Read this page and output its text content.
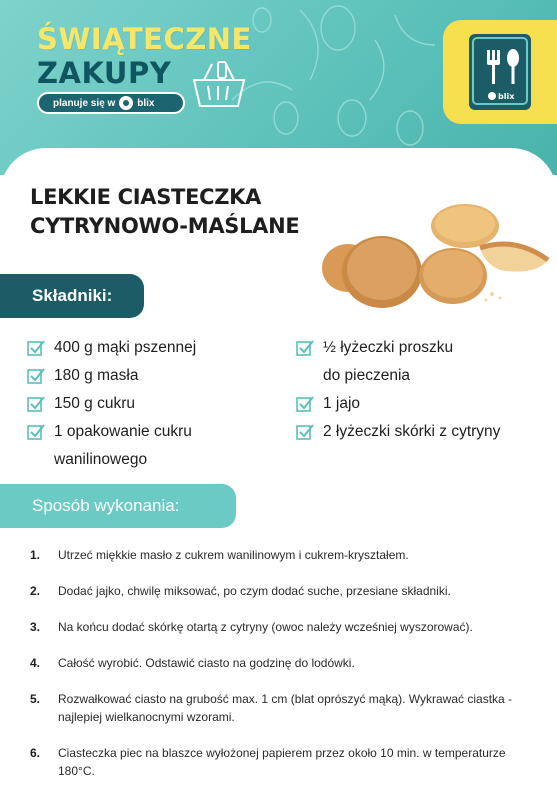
ŚWIĄTECZNE
ZAKUPY
planuje się w blix
blix
LEKKIE CIASTECZKA CYTRYNOWO-MAŚLANE
Składniki:
400 g mąki pszennej
180 g masła
150 g cukru
1 opakowanie cukru wanilinowego
½ łyżeczki proszku do pieczenia
1 jajo
2 łyżeczki skórki z cytryny
Sposób wykonania:
1. Utrzeć miękkie masło z cukrem wanilinowym i cukrem-kryształem.
2. Dodać jajko, chwilę miksować, po czym dodać suche, przesiane składniki.
3. Na końcu dodać skórkę otartą z cytryny (owoc należy wcześniej wyszorować).
4. Całość wyrobić. Odstawić ciasto na godzinę do lodówki.
5. Rozwałkować ciasto na grubość max. 1 cm (blat oprószyć mąką). Wykrawać ciastka - najlepiej wielkanocnymi wzorami.
6. Ciasteczka piec na blaszce wyłożonej papierem przez około 10 min. w temperaturze 180°C.
